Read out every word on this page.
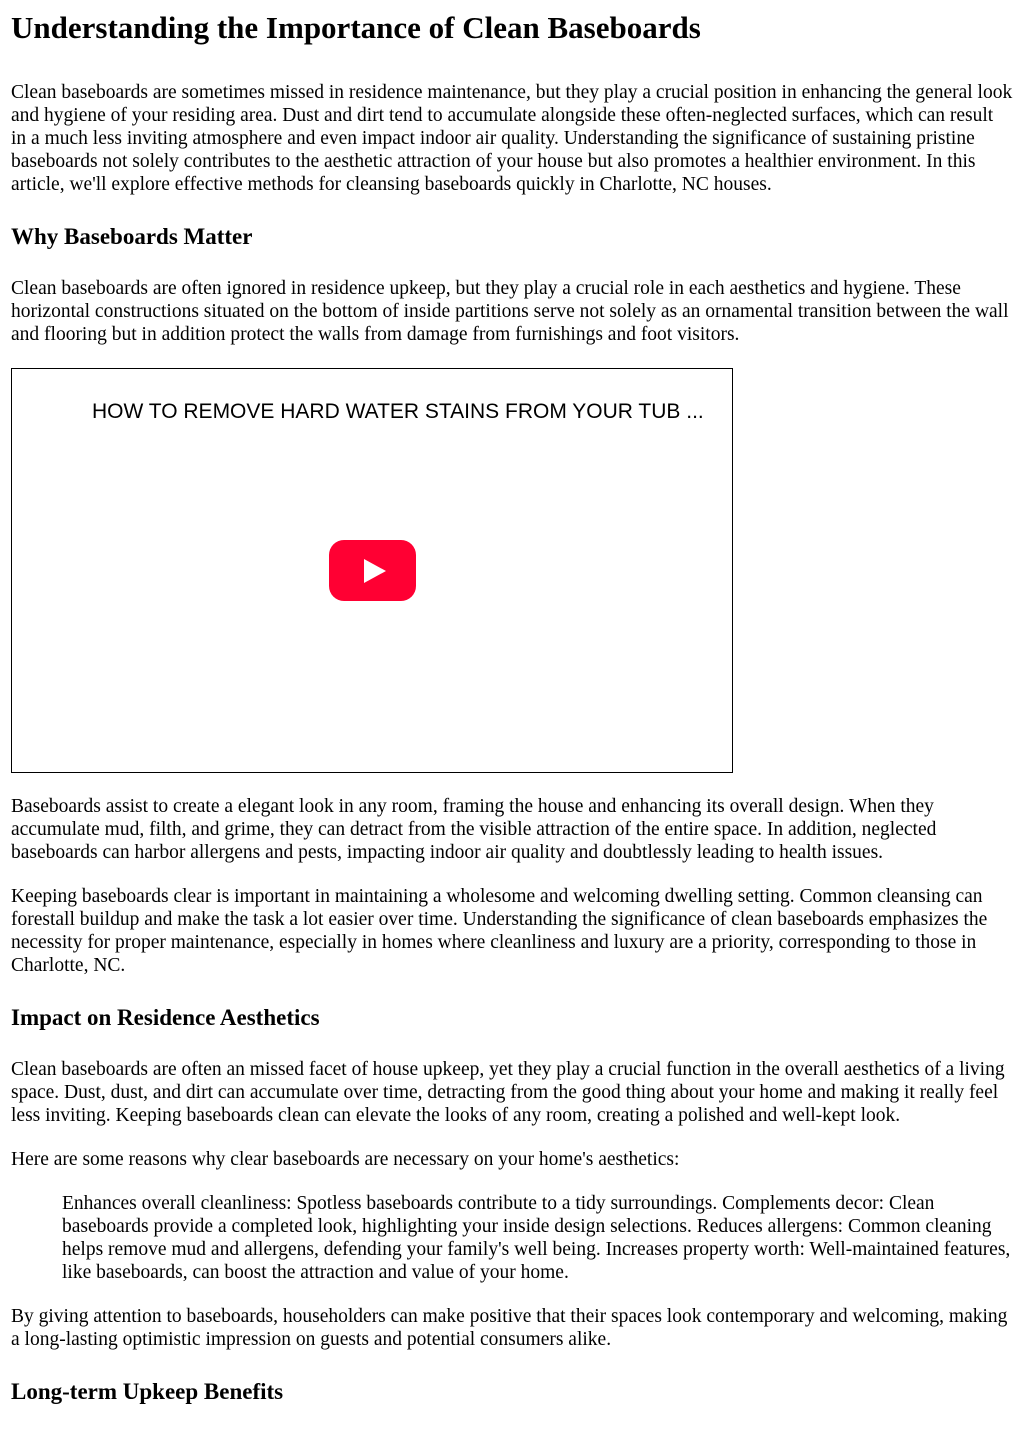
Understanding the Importance of Clean Baseboards

Clean baseboards are sometimes missed in residence maintenance, but they play a crucial position in enhancing the general look and hygiene of your residing area. Dust and dirt tend to accumulate alongside these often-neglected surfaces, which can result in a much less inviting atmosphere and even impact indoor air quality. Understanding the significance of sustaining pristine baseboards not solely contributes to the aesthetic attraction of your house but also promotes a healthier environment. In this article, we'll explore effective methods for cleansing baseboards quickly in Charlotte, NC houses.

Why Baseboards Matter

Clean baseboards are often ignored in residence upkeep, but they play a crucial role in each aesthetics and hygiene. These horizontal constructions situated on the bottom of inside partitions serve not solely as an ornamental transition between the wall and flooring but in addition protect the walls from damage from furnishings and foot visitors.

HOW TO REMOVE HARD WATER STAINS FROM YOUR TUB ...

Baseboards assist to create a elegant look in any room, framing the house and enhancing its overall design. When they accumulate mud, filth, and grime, they can detract from the visible attraction of the entire space. In addition, neglected baseboards can harbor allergens and pests, impacting indoor air quality and doubtlessly leading to health issues.

Keeping baseboards clear is important in maintaining a wholesome and welcoming dwelling setting. Common cleansing can forestall buildup and make the task a lot easier over time. Understanding the significance of clean baseboards emphasizes the necessity for proper maintenance, especially in homes where cleanliness and luxury are a priority, corresponding to those in Charlotte, NC.

Impact on Residence Aesthetics

Clean baseboards are often an missed facet of house upkeep, yet they play a crucial function in the overall aesthetics of a living space. Dust, dust, and dirt can accumulate over time, detracting from the good thing about your home and making it really feel less inviting. Keeping baseboards clean can elevate the looks of any room, creating a polished and well-kept look.

Here are some reasons why clear baseboards are necessary on your home's aesthetics:

Enhances overall cleanliness: Spotless baseboards contribute to a tidy surroundings. Complements decor: Clean baseboards provide a completed look, highlighting your inside design selections. Reduces allergens: Common cleaning helps remove mud and allergens, defending your family's well being. Increases property worth: Well-maintained features, like baseboards, can boost the attraction and value of your home.

By giving attention to baseboards, householders can make positive that their spaces look contemporary and welcoming, making a long-lasting optimistic impression on guests and potential consumers alike.

Long-term Upkeep Benefits
